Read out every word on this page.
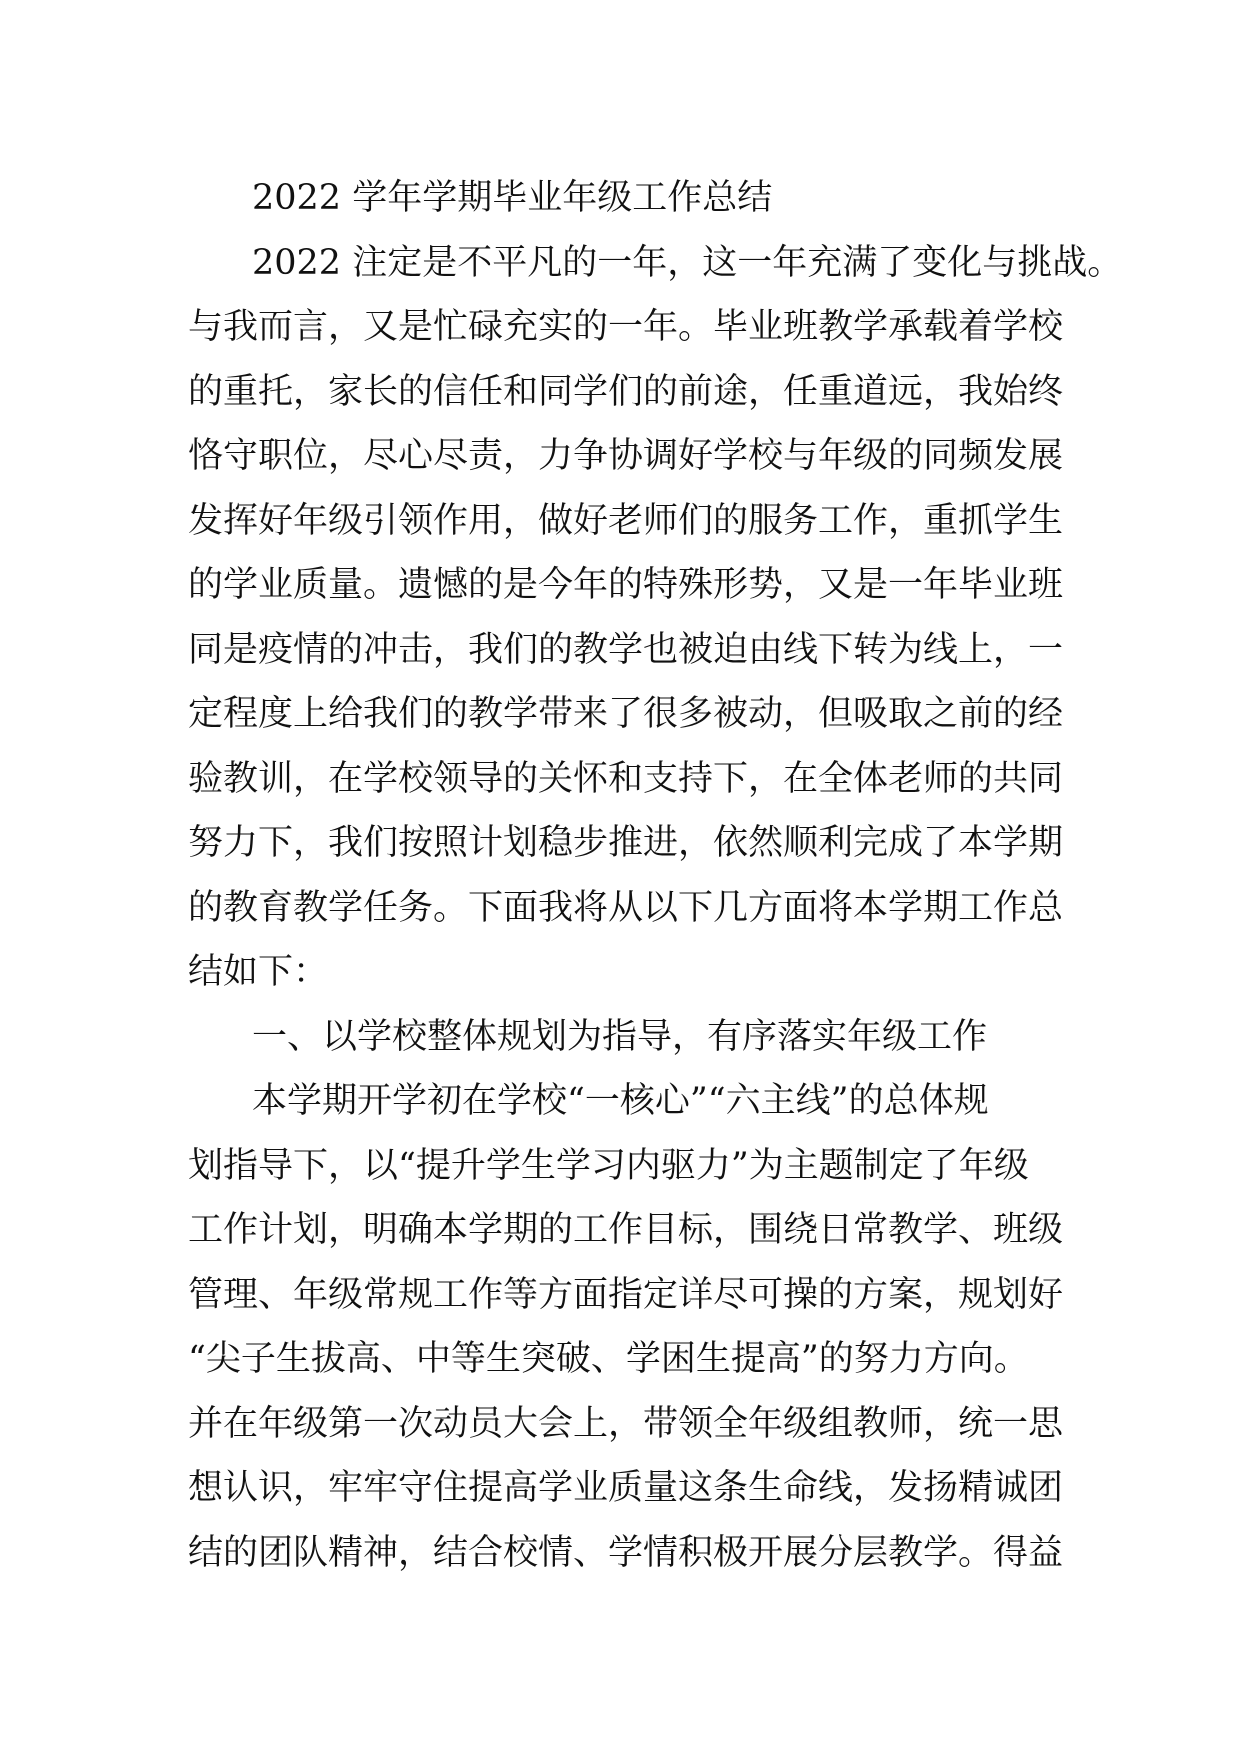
2022 学年学期毕业年级工作总结
2022 注定是不平凡的一年，这一年充满了变化与挑战。
与我而言，又是忙碌充实的一年。毕业班教学承载着学校
的重托，家长的信任和同学们的前途，任重道远，我始终
恪守职位，尽心尽责，力争协调好学校与年级的同频发展
发挥好年级引领作用，做好老师们的服务工作，重抓学生
的学业质量。遗憾的是今年的特殊形势，又是一年毕业班
同是疫情的冲击，我们的教学也被迫由线下转为线上，一
定程度上给我们的教学带来了很多被动，但吸取之前的经
验教训，在学校领导的关怀和支持下，在全体老师的共同
努力下，我们按照计划稳步推进，依然顺利完成了本学期
的教育教学任务。下面我将从以下几方面将本学期工作总
结如下：
一、以学校整体规划为指导，有序落实年级工作
本学期开学初在学校“一核心”“六主线”的总体规
划指导下，以“提升学生学习内驱力”为主题制定了年级
工作计划，明确本学期的工作目标，围绕日常教学、班级
管理、年级常规工作等方面指定详尽可操的方案，规划好
“尖子生拔高、中等生突破、学困生提高”的努力方向。
并在年级第一次动员大会上，带领全年级组教师，统一思
想认识，牢牢守住提高学业质量这条生命线，发扬精诚团
结的团队精神，结合校情、学情积极开展分层教学。得益
